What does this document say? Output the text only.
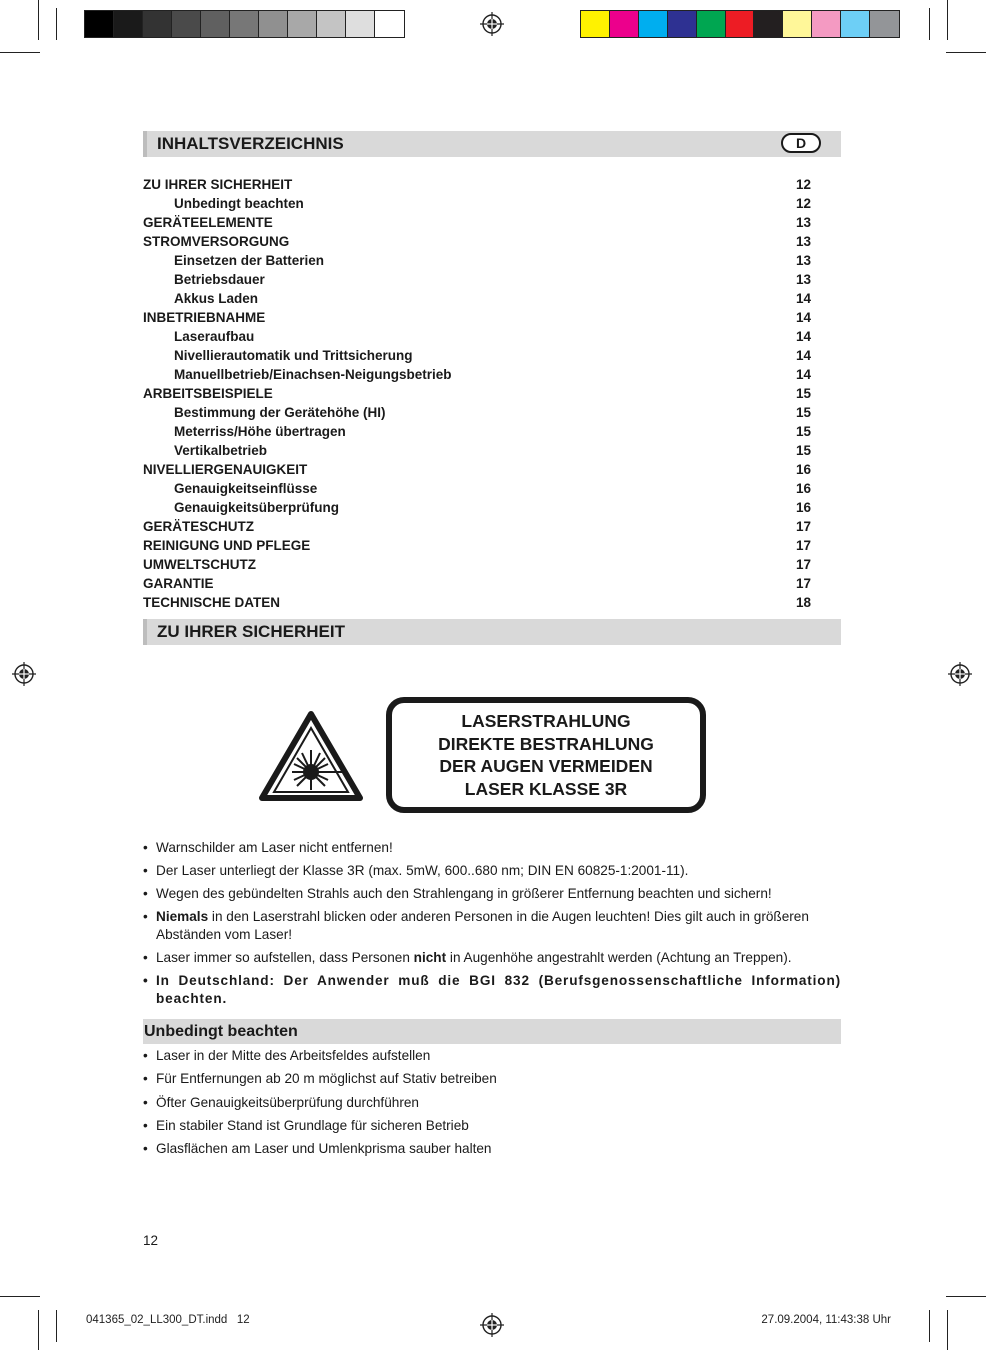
INHALTSVERZEICHNIS	D
ZU IHRER SICHERHEIT	12
Unbedingt beachten	12
GERÄTEELEMENTE	13
STROMVERSORGUNG	13
Einsetzen der Batterien	13
Betriebsdauer	13
Akkus Laden	14
INBETRIEBNAHME	14
Laseraufbau	14
Nivellierautomatik und Trittsicherung	14
Manuellbetrieb/Einachsen-Neigungsbetrieb	14
ARBEITSBEISPIELE	15
Bestimmung der Gerätehöhe (HI)	15
Meterriss/Höhe übertragen	15
Vertikalbetrieb	15
NIVELLIERGENAUIGKEIT	16
Genauigkeitseinflüsse	16
Genauigkeitsüberprüfung	16
GERÄTESCHUTZ	17
REINIGUNG UND PFLEGE	17
UMWELTSCHUTZ	17
GARANTIE	17
TECHNISCHE DATEN	18
ZU IHRER SICHERHEIT
LASERSTRAHLUNG
DIREKTE BESTRAHLUNG
DER AUGEN VERMEIDEN
LASER KLASSE 3R
• Warnschilder am Laser nicht entfernen!
• Der Laser unterliegt der Klasse 3R (max. 5mW, 600..680 nm; DIN EN 60825-1:2001-11).
• Wegen des gebündelten Strahls auch den Strahlengang in größerer Entfernung beachten und sichern!
• Niemals in den Laserstrahl blicken oder anderen Personen in die Augen leuchten! Dies gilt auch in größeren Abständen vom Laser!
• Laser immer so aufstellen, dass Personen nicht in Augenhöhe angestrahlt werden (Achtung an Treppen).
• In Deutschland: Der Anwender muß die BGI 832 (Berufsgenossenschaftliche Information) beachten.
Unbedingt beachten
• Laser in der Mitte des Arbeitsfeldes aufstellen
• Für Entfernungen ab 20 m möglichst auf Stativ betreiben
• Öfter Genauigkeitsüberprüfung durchführen
• Ein stabiler Stand ist Grundlage für sicheren Betrieb
• Glasflächen am Laser und Umlenkprisma sauber halten
12
041365_02_LL300_DT.indd   12	27.09.2004, 11:43:38 Uhr
